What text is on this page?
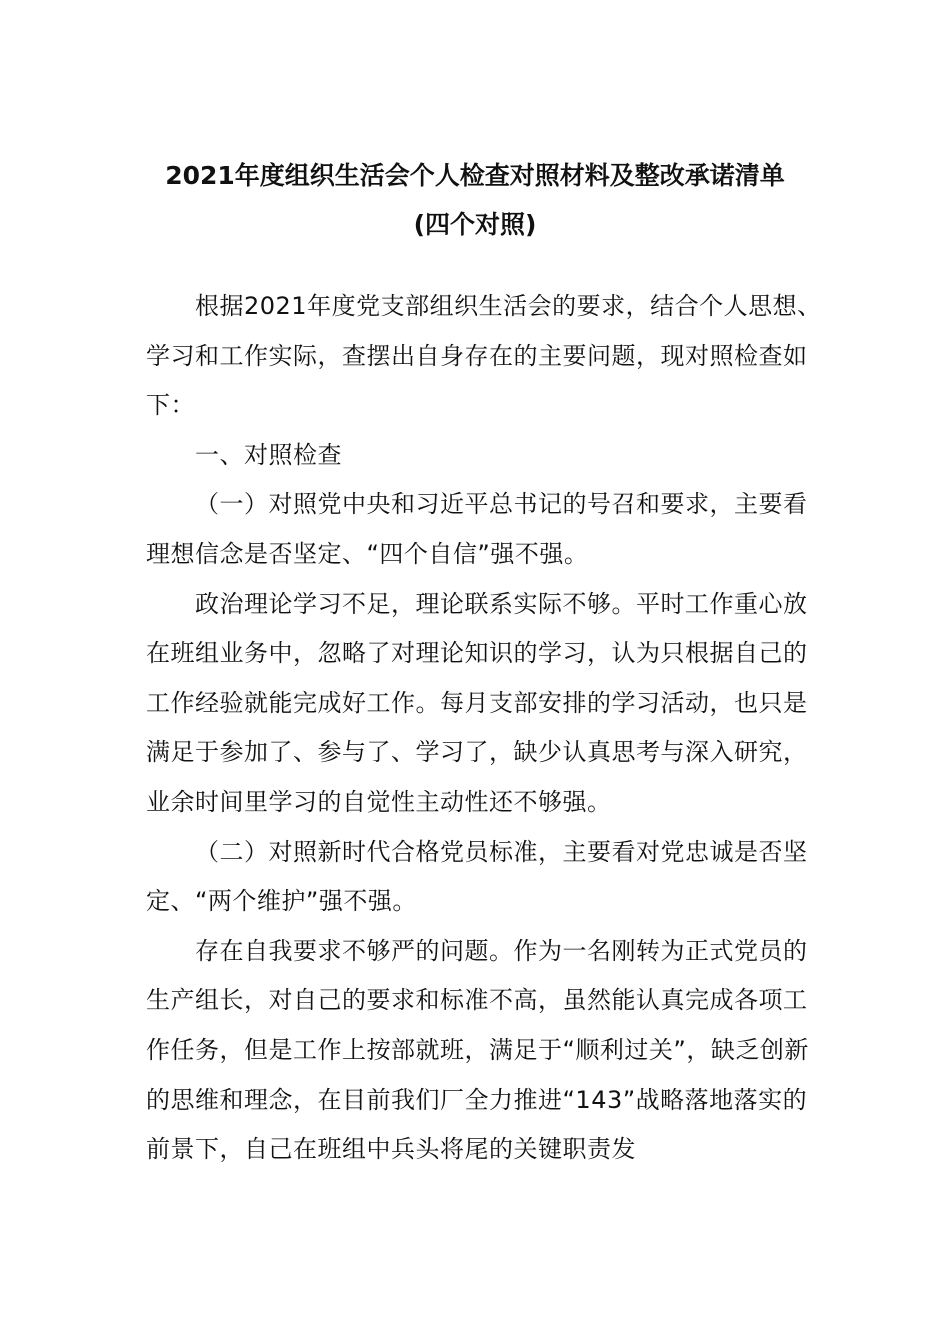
2021年度组织生活会个人检查对照材料及整改承诺清单
(四个对照)

根据2021年度党支部组织生活会的要求，结合个人思想、学习和工作实际，查摆出自身存在的主要问题，现对照检查如下：

一、对照检查

（一）对照党中央和习近平总书记的号召和要求，主要看理想信念是否坚定、“四个自信”强不强。

政治理论学习不足，理论联系实际不够。平时工作重心放在班组业务中，忽略了对理论知识的学习，认为只根据自己的工作经验就能完成好工作。每月支部安排的学习活动，也只是满足于参加了、参与了、学习了，缺少认真思考与深入研究，业余时间里学习的自觉性主动性还不够强。

（二）对照新时代合格党员标准，主要看对党忠诚是否坚定、“两个维护”强不强。

存在自我要求不够严的问题。作为一名刚转为正式党员的生产组长，对自己的要求和标准不高，虽然能认真完成各项工作任务，但是工作上按部就班，满足于“顺利过关”，缺乏创新的思维和理念，在目前我们厂全力推进“143”战略落地落实的前景下，自己在班组中兵头将尾的关键职责发
